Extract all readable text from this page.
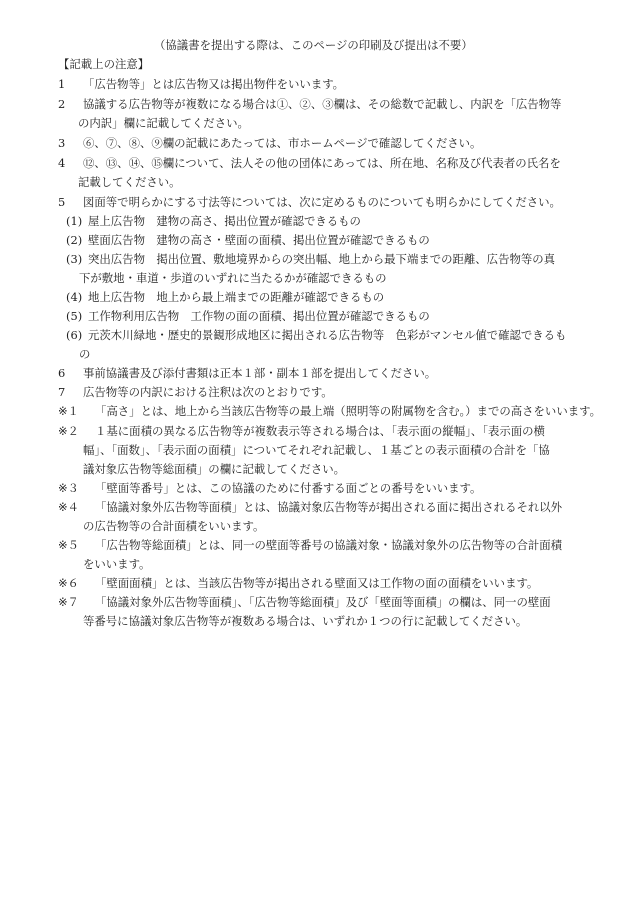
（協議書を提出する際は、このページの印刷及び提出は不要）
【記載上の注意】
1 「広告物等」とは広告物又は掲出物件をいいます。
2 協議する広告物等が複数になる場合は①、②、③欄は、その総数で記載し、内訳を「広告物等
の内訳」欄に記載してください。
3 ⑥、⑦、⑧、⑨欄の記載にあたっては、市ホームページで確認してください。
4 ⑫、⑬、⑭、⑮欄について、法人その他の団体にあっては、所在地、名称及び代表者の氏名を
記載してください。
5 図面等で明らかにする寸法等については、次に定めるものについても明らかにしてください。
(1) 屋上広告物　建物の高さ、掲出位置が確認できるもの
(2) 壁面広告物　建物の高さ・壁面の面積、掲出位置が確認できるもの
(3) 突出広告物　掲出位置、敷地境界からの突出幅、地上から最下端までの距離、広告物等の真
下が敷地・車道・歩道のいずれに当たるかが確認できるもの
(4) 地上広告物　地上から最上端までの距離が確認できるもの
(5) 工作物利用広告物　工作物の面の面積、掲出位置が確認できるもの
(6) 元茨木川緑地・歴史的景観形成地区に掲出される広告物等　色彩がマンセル値で確認できるも
の
6 事前協議書及び添付書類は正本１部・副本１部を提出してください。
7 広告物等の内訳における注釈は次のとおりです。
※１ 「高さ」とは、地上から当該広告物等の最上端（照明等の附属物を含む。）までの高さをいいます。
※２ １基に面積の異なる広告物等が複数表示等される場合は、「表示面の縦幅」、「表示面の横
幅」、「面数」、「表示面の面積」についてそれぞれ記載し、１基ごとの表示面積の合計を「協
議対象広告物等総面積」の欄に記載してください。
※３ 「壁面等番号」とは、この協議のために付番する面ごとの番号をいいます。
※４ 「協議対象外広告物等面積」とは、協議対象広告物等が掲出される面に掲出されるそれ以外
の広告物等の合計面積をいいます。
※５ 「広告物等総面積」とは、同一の壁面等番号の協議対象・協議対象外の広告物等の合計面積
をいいます。
※６ 「壁面面積」とは、当該広告物等が掲出される壁面又は工作物の面の面積をいいます。
※７ 「協議対象外広告物等面積」、「広告物等総面積」及び「壁面等面積」の欄は、同一の壁面
等番号に協議対象広告物等が複数ある場合は、いずれか１つの行に記載してください。
